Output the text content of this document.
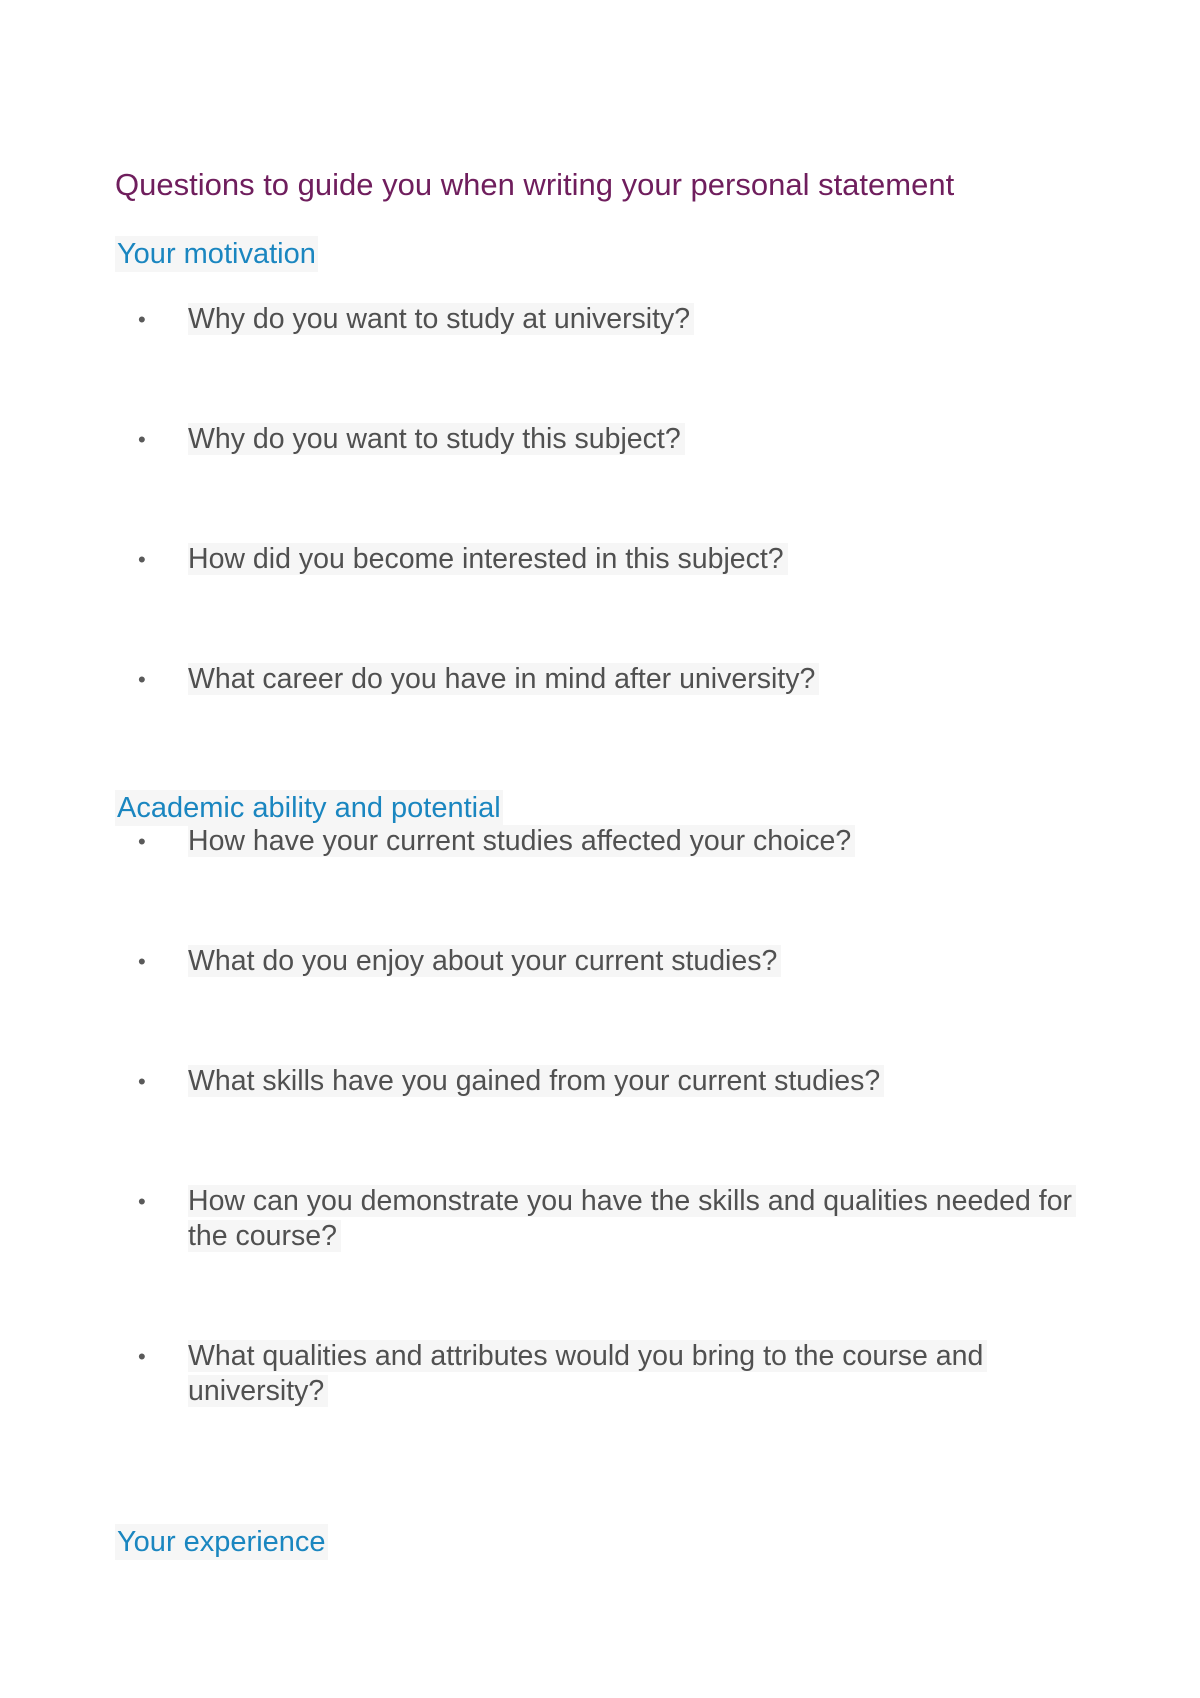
Questions to guide you when writing your personal statement
Your motivation
• Why do you want to study at university?
• Why do you want to study this subject?
• How did you become interested in this subject?
• What career do you have in mind after university?
Academic ability and potential
• How have your current studies affected your choice?
• What do you enjoy about your current studies?
• What skills have you gained from your current studies?
• How can you demonstrate you have the skills and qualities needed for the course?
• What qualities and attributes would you bring to the course and university?
Your experience
